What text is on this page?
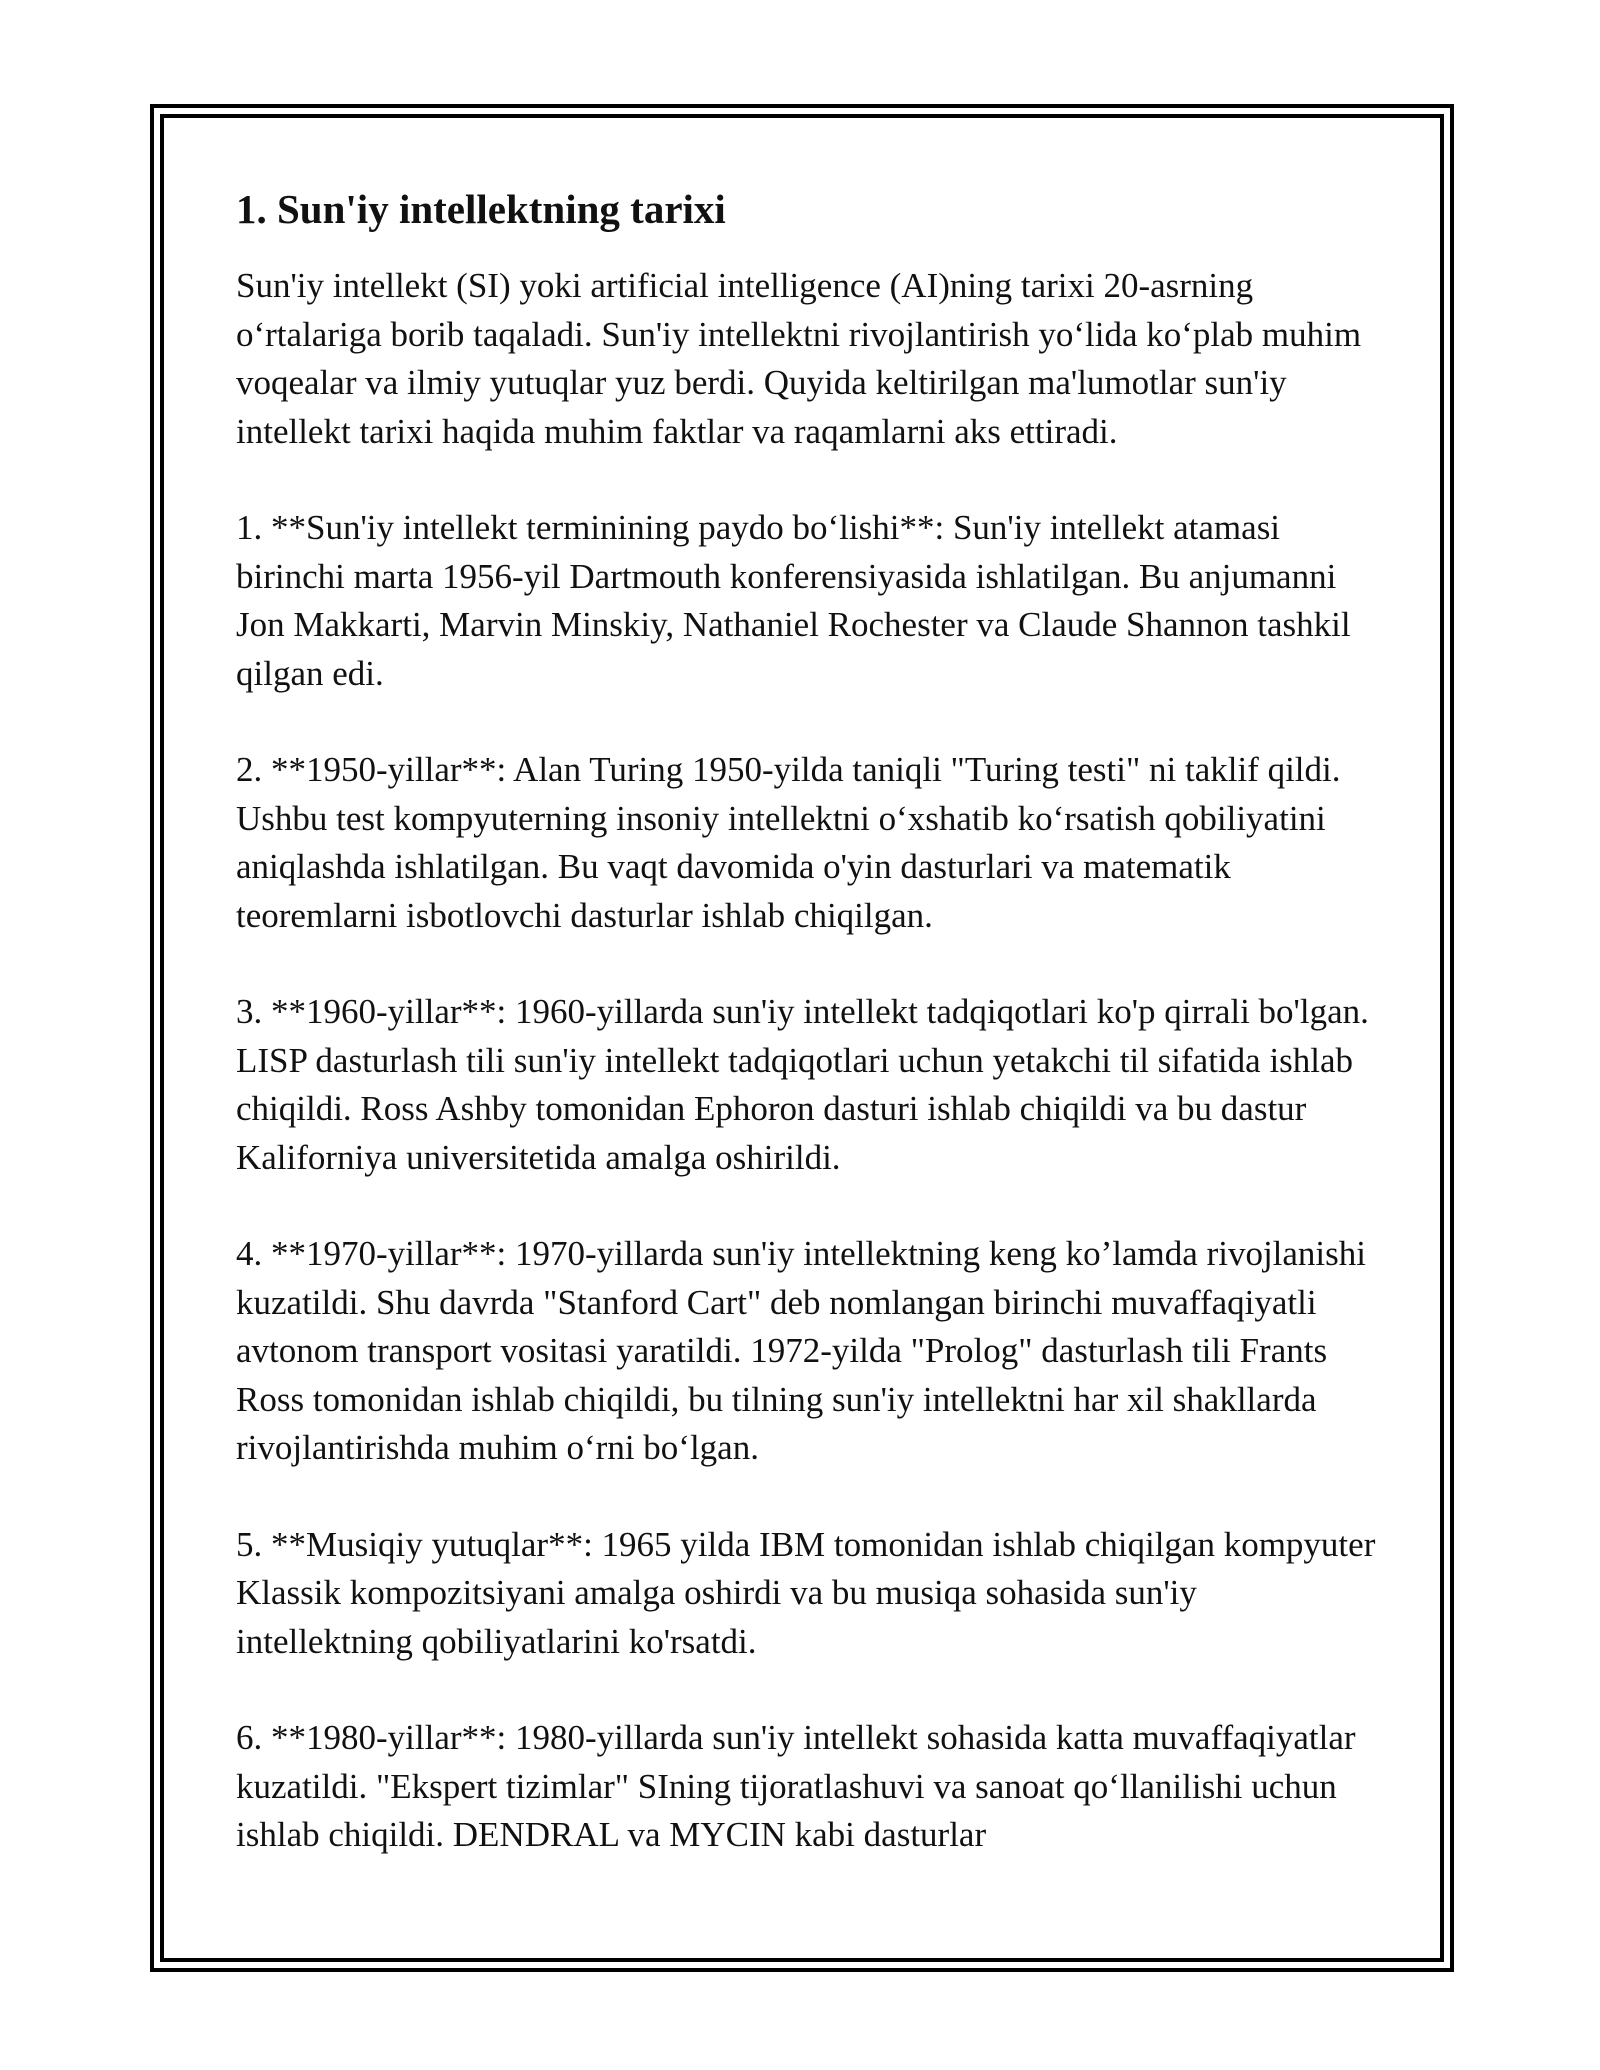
1. Sun'iy intellektning tarixi

Sun'iy intellekt (SI) yoki artificial intelligence (AI)ning tarixi 20-asrning o‘rtalariga borib taqaladi. Sun'iy intellektni rivojlantirish yo‘lida ko‘plab muhim voqealar va ilmiy yutuqlar yuz berdi. Quyida keltirilgan ma'lumotlar sun'iy intellekt tarixi haqida muhim faktlar va raqamlarni aks ettiradi.

1. **Sun'iy intellekt terminining paydo bo‘lishi**: Sun'iy intellekt atamasi birinchi marta 1956-yil Dartmouth konferensiyasida ishlatilgan. Bu anjumanni Jon Makkarti, Marvin Minskiy, Nathaniel Rochester va Claude Shannon tashkil qilgan edi.

2. **1950-yillar**: Alan Turing 1950-yilda taniqli "Turing testi" ni taklif qildi. Ushbu test kompyuterning insoniy intellektni o‘xshatib ko‘rsatish qobiliyatini aniqlashda ishlatilgan. Bu vaqt davomida o'yin dasturlari va matematik teoremlarni isbotlovchi dasturlar ishlab chiqilgan.

3. **1960-yillar**: 1960-yillarda sun'iy intellekt tadqiqotlari ko'p qirrali bo'lgan. LISP dasturlash tili sun'iy intellekt tadqiqotlari uchun yetakchi til sifatida ishlab chiqildi. Ross Ashby tomonidan Ephoron dasturi ishlab chiqildi va bu dastur Kaliforniya universitetida amalga oshirildi.

4. **1970-yillar**: 1970-yillarda sun'iy intellektning keng ko’lamda rivojlanishi kuzatildi. Shu davrda "Stanford Cart" deb nomlangan birinchi muvaffaqiyatli avtonom transport vositasi yaratildi. 1972-yilda "Prolog" dasturlash tili Frants Ross tomonidan ishlab chiqildi, bu tilning sun'iy intellektni har xil shakllarda rivojlantirishda muhim o‘rni bo‘lgan.

5. **Musiqiy yutuqlar**: 1965 yilda IBM tomonidan ishlab chiqilgan kompyuter Klassik kompozitsiyani amalga oshirdi va bu musiqa sohasida sun'iy intellektning qobiliyatlarini ko'rsatdi.

6. **1980-yillar**: 1980-yillarda sun'iy intellekt sohasida katta muvaffaqiyatlar kuzatildi. "Ekspert tizimlar" SIning tijoratlashuvi va sanoat qo‘llanilishi uchun ishlab chiqildi. DENDRAL va MYCIN kabi dasturlar
